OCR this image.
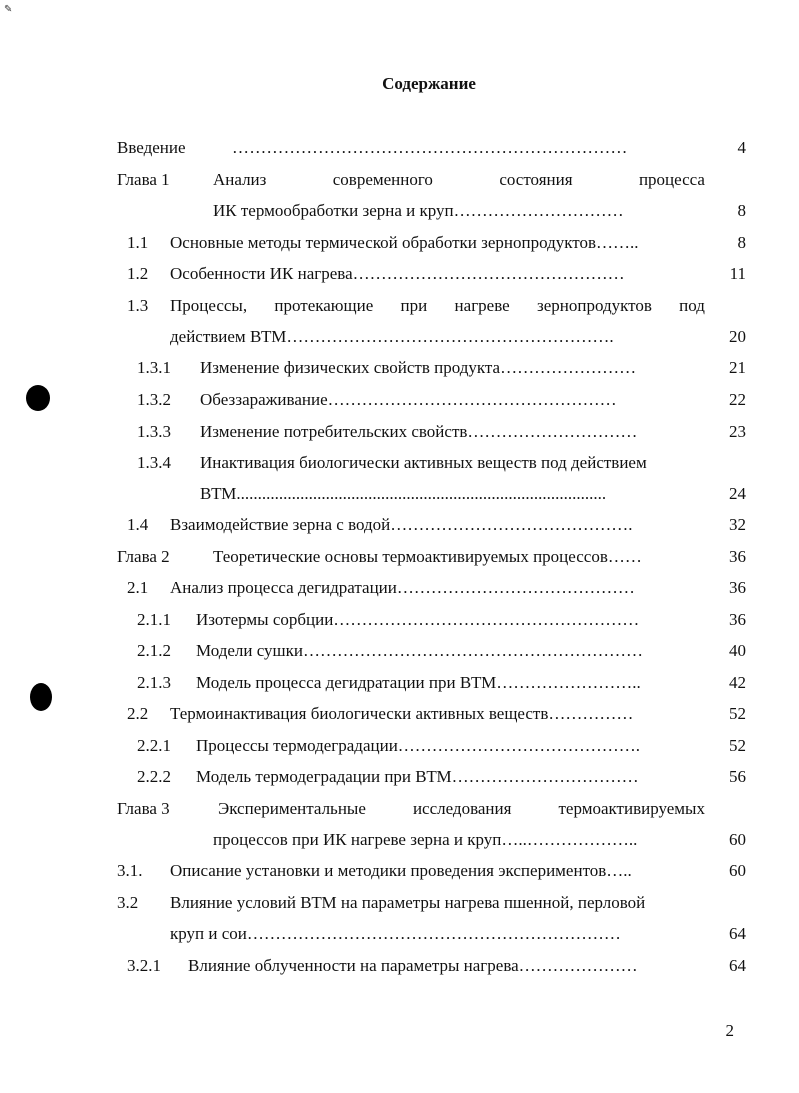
✎
Содержание
Введение	……………………………………………………………	4
Глава 1	Анализ	современного	состояния	процесса
ИК термообработки зерна и круп…………………………	8
1.1 Основные методы термической обработки зернопродуктов……..	8
1.2 Особенности ИК нагрева…………………………………………	11
1.3 Процессы, протекающие при нагреве зернопродуктов под
действием ВТМ………………………………………………….	20
1.3.1 Изменение физических свойств продукта……………………	21
1.3.2 Обеззараживание……………………………………………	22
1.3.3 Изменение потребительских свойств…………………………	23
1.3.4 Инактивация биологически активных веществ под действием
ВТМ.......................................................................................	24
1.4 Взаимодействие зерна с водой…………………………………….	32
Глава 2	Теоретические основы термоактивируемых процессов……	36
2.1 Анализ процесса дегидратации……………………………………	36
2.1.1 Изотермы сорбции………………………………………………	36
2.1.2 Модели сушки……………………………………………………	40
2.1.3 Модель процесса дегидратации при ВТМ……………………..	42
2.2 Термоинактивация биологически активных веществ……………	52
2.2.1 Процессы термодеградации…………………………………….	52
2.2.2 Модель термодеградации при ВТМ……………………………	56
Глава 3	Экспериментальные	исследования	термоактивируемых
процессов при ИК нагреве зерна и круп…..………………..	60
3.1. Описание установки и методики проведения экспериментов…..	60
3.2 Влияние условий ВТМ на параметры нагрева пшенной, перловой
круп и сои…………………………………………………………	64
3.2.1 Влияние облученности на параметры нагрева…………………	64
2
